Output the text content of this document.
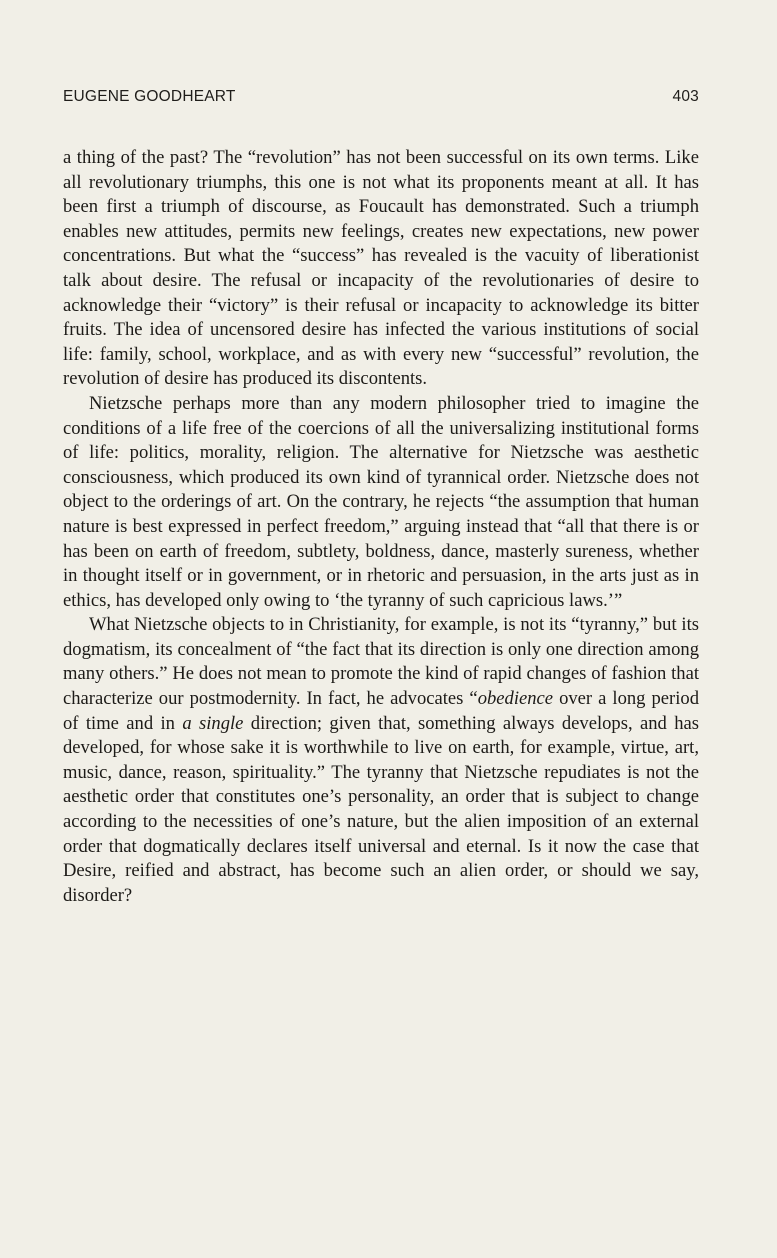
EUGENE GOODHEART	403

a thing of the past? The “revolution” has not been successful on its own terms. Like all revolutionary triumphs, this one is not what its proponents meant at all. It has been first a triumph of discourse, as Foucault has demonstrated. Such a triumph enables new attitudes, permits new feelings, creates new expectations, new power concentrations. But what the “success” has revealed is the vacuity of liberationist talk about desire. The refusal or incapacity of the revolutionaries of desire to acknowledge their “victory” is their refusal or incapacity to acknowledge its bitter fruits. The idea of uncensored desire has infected the various institutions of social life: family, school, workplace, and as with every new “successful” revolution, the revolution of desire has produced its discontents.

Nietzsche perhaps more than any modern philosopher tried to imagine the conditions of a life free of the coercions of all the universalizing institutional forms of life: politics, morality, religion. The alternative for Nietzsche was aesthetic consciousness, which produced its own kind of tyrannical order. Nietzsche does not object to the orderings of art. On the contrary, he rejects “the assumption that human nature is best expressed in perfect freedom,” arguing instead that “all that there is or has been on earth of freedom, subtlety, boldness, dance, masterly sureness, whether in thought itself or in government, or in rhetoric and persuasion, in the arts just as in ethics, has developed only owing to ‘the tyranny of such capricious laws.’”

What Nietzsche objects to in Christianity, for example, is not its “tyranny,” but its dogmatism, its concealment of “the fact that its direction is only one direction among many others.” He does not mean to promote the kind of rapid changes of fashion that characterize our postmodernity. In fact, he advocates “obedience over a long period of time and in a single direction; given that, something always develops, and has developed, for whose sake it is worthwhile to live on earth, for example, virtue, art, music, dance, reason, spirituality.” The tyranny that Nietzsche repudiates is not the aesthetic order that constitutes one’s personality, an order that is subject to change according to the necessities of one’s nature, but the alien imposition of an external order that dogmatically declares itself universal and eternal. Is it now the case that Desire, reified and abstract, has become such an alien order, or should we say, disorder?
